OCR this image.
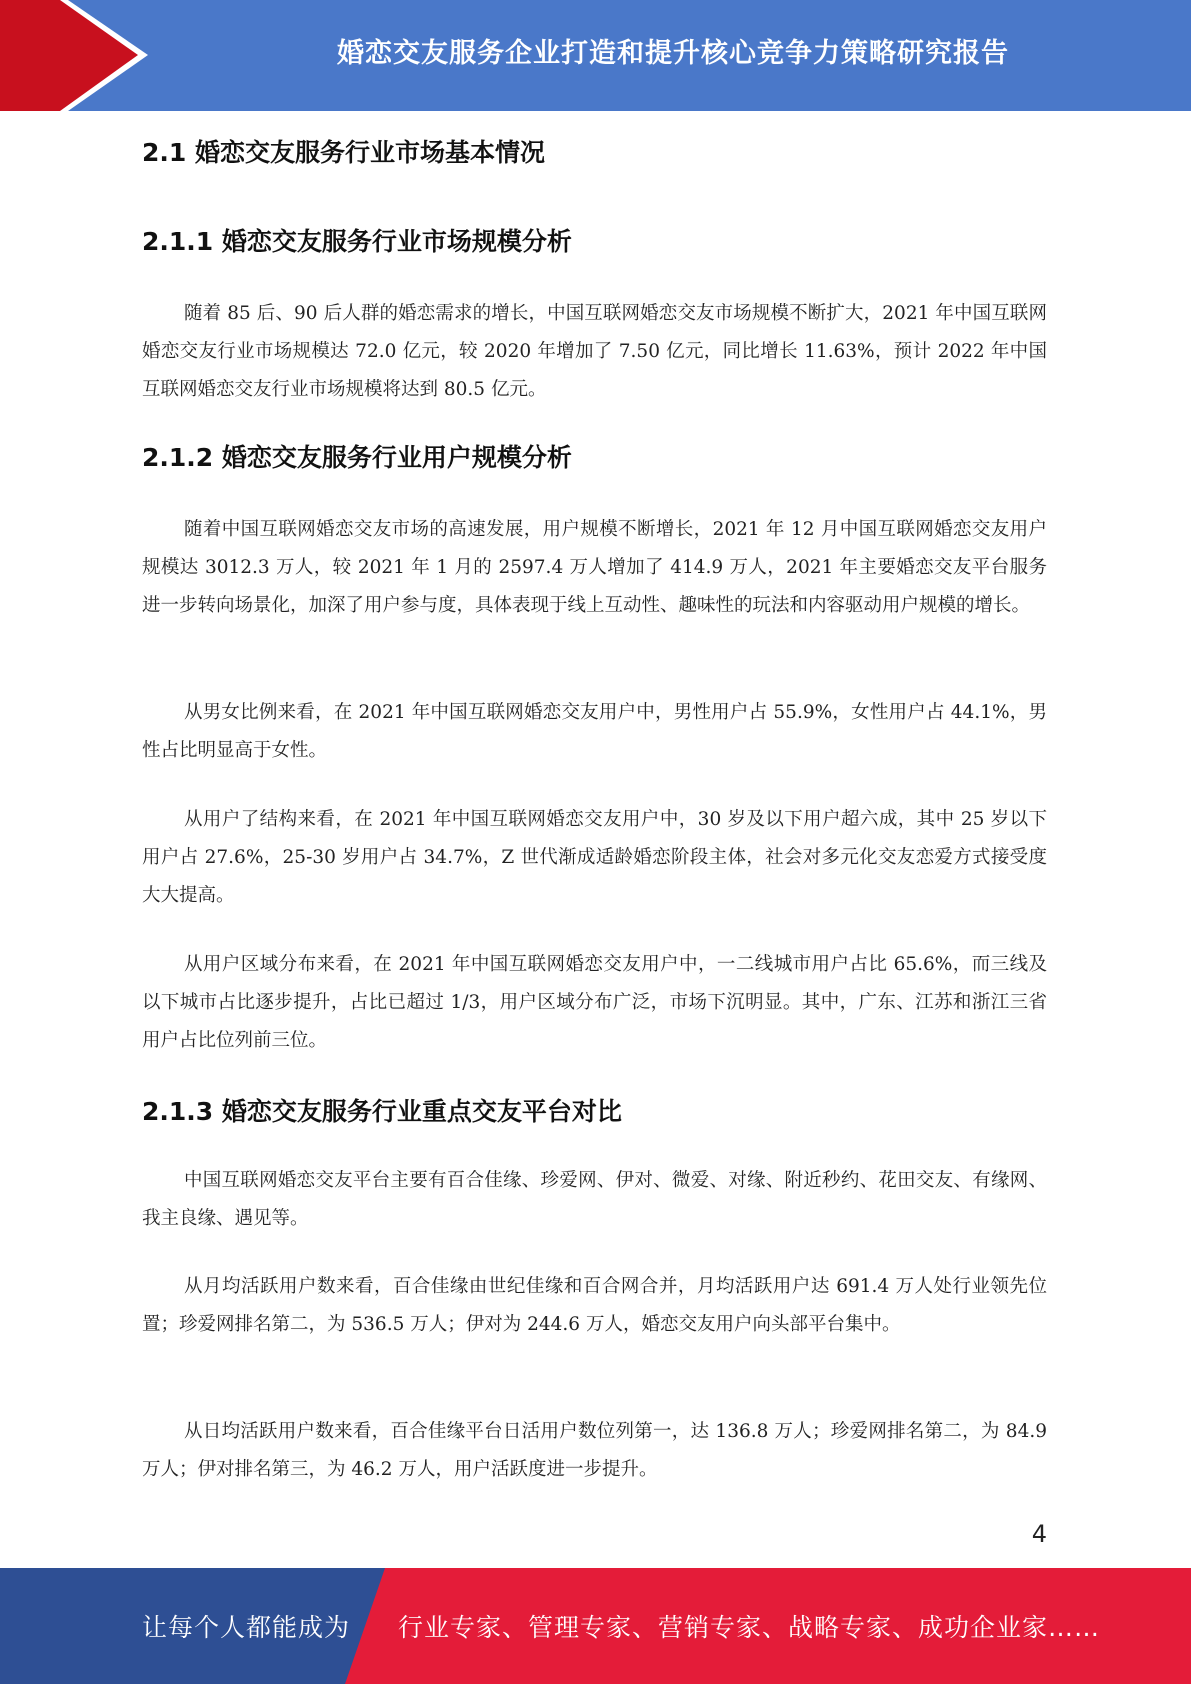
婚恋交友服务企业打造和提升核心竞争力策略研究报告
2.1 婚恋交友服务行业市场基本情况
2.1.1 婚恋交友服务行业市场规模分析

随着 85 后、90 后人群的婚恋需求的增长，中国互联网婚恋交友市场规模不断扩大，2021 年中国互联网婚恋交友行业市场规模达 72.0 亿元，较 2020 年增加了 7.50 亿元，同比增长 11.63%，预计 2022 年中国互联网婚恋交友行业市场规模将达到 80.5 亿元。

2.1.2 婚恋交友服务行业用户规模分析

随着中国互联网婚恋交友市场的高速发展，用户规模不断增长，2021 年 12 月中国互联网婚恋交友用户规模达 3012.3 万人，较 2021 年 1 月的 2597.4 万人增加了 414.9 万人，2021 年主要婚恋交友平台服务进一步转向场景化，加深了用户参与度，具体表现于线上互动性、趣味性的玩法和内容驱动用户规模的增长。

从男女比例来看，在 2021 年中国互联网婚恋交友用户中，男性用户占 55.9%，女性用户占 44.1%，男性占比明显高于女性。

从用户了结构来看，在 2021 年中国互联网婚恋交友用户中，30 岁及以下用户超六成，其中 25 岁以下用户占 27.6%，25-30 岁用户占 34.7%，Z 世代渐成适龄婚恋阶段主体，社会对多元化交友恋爱方式接受度大大提高。

从用户区域分布来看，在 2021 年中国互联网婚恋交友用户中，一二线城市用户占比 65.6%，而三线及以下城市占比逐步提升，占比已超过 1/3，用户区域分布广泛，市场下沉明显。其中，广东、江苏和浙江三省用户占比位列前三位。

2.1.3 婚恋交友服务行业重点交友平台对比

中国互联网婚恋交友平台主要有百合佳缘、珍爱网、伊对、微爱、对缘、附近秒约、花田交友、有缘网、我主良缘、遇见等。

从月均活跃用户数来看，百合佳缘由世纪佳缘和百合网合并，月均活跃用户达 691.4 万人处行业领先位置；珍爱网排名第二，为 536.5 万人；伊对为 244.6 万人，婚恋交友用户向头部平台集中。

从日均活跃用户数来看，百合佳缘平台日活用户数位列第一，达 136.8 万人；珍爱网排名第二，为 84.9 万人；伊对排名第三，为 46.2 万人，用户活跃度进一步提升。

4
让每个人都能成为 行业专家、管理专家、营销专家、战略专家、成功企业家……
